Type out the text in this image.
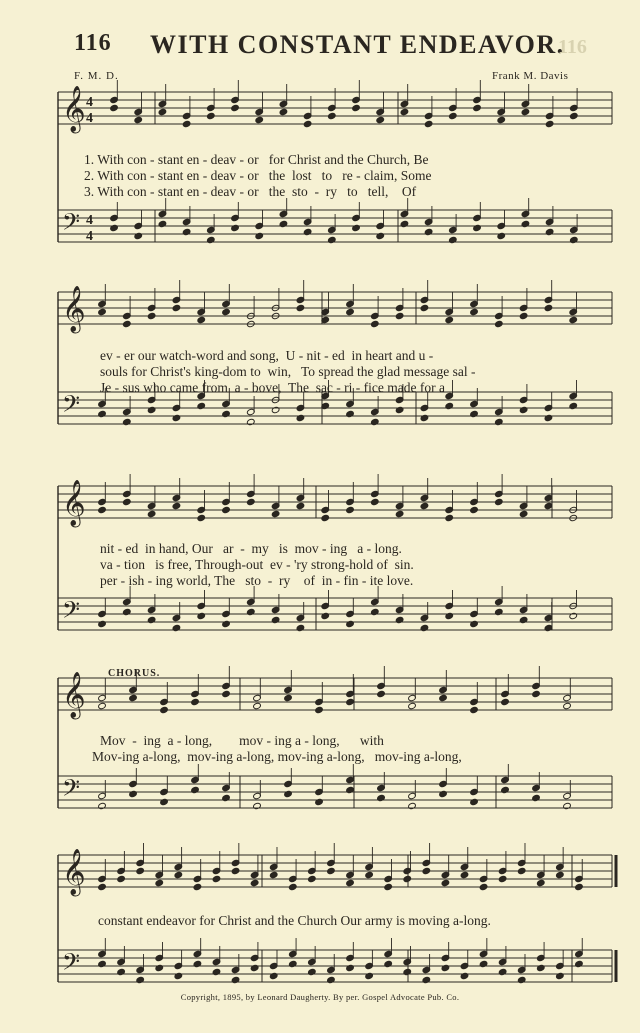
116 WITH CONSTANT ENDEAVOR.
116
F. M. D.	Frank M. Davis
𝄞 4
4
𝄢 4
4
𝄞
𝄢
𝄞
𝄢
𝄞
𝄢
𝄞
𝄢
1. With con - stant en - deav - or   for Christ and the Church, Be
2. With con - stant en - deav - or   the  lost   to   re - claim, Some
3. With con - stant en - deav - or   the  sto  -  ry   to   tell,    Of
ev - er our watch-word and song,  U - nit - ed  in heart and u -
souls for Christ's king-dom to  win,   To spread the glad message sal -
Je - sus who came from  a - bove,  The  sac - ri - fice made for a
nit - ed  in hand, Our   ar  -  my   is  mov - ing   a - long.
va - tion   is free, Through-out  ev - 'ry strong-hold of  sin.
per - ish - ing world, The   sto  -  ry    of  in - fin - ite love.
CHORUS.
Mov  -  ing  a - long,        mov - ing a - long,      with
Mov-ing a-long,  mov-ing a-long, mov-ing a-long,   mov-ing a-long,
constant endeavor for Christ and the Church Our army is moving a-long.
Copyright, 1895, by Leonard Daugherty. By per. Gospel Advocate Pub. Co.
